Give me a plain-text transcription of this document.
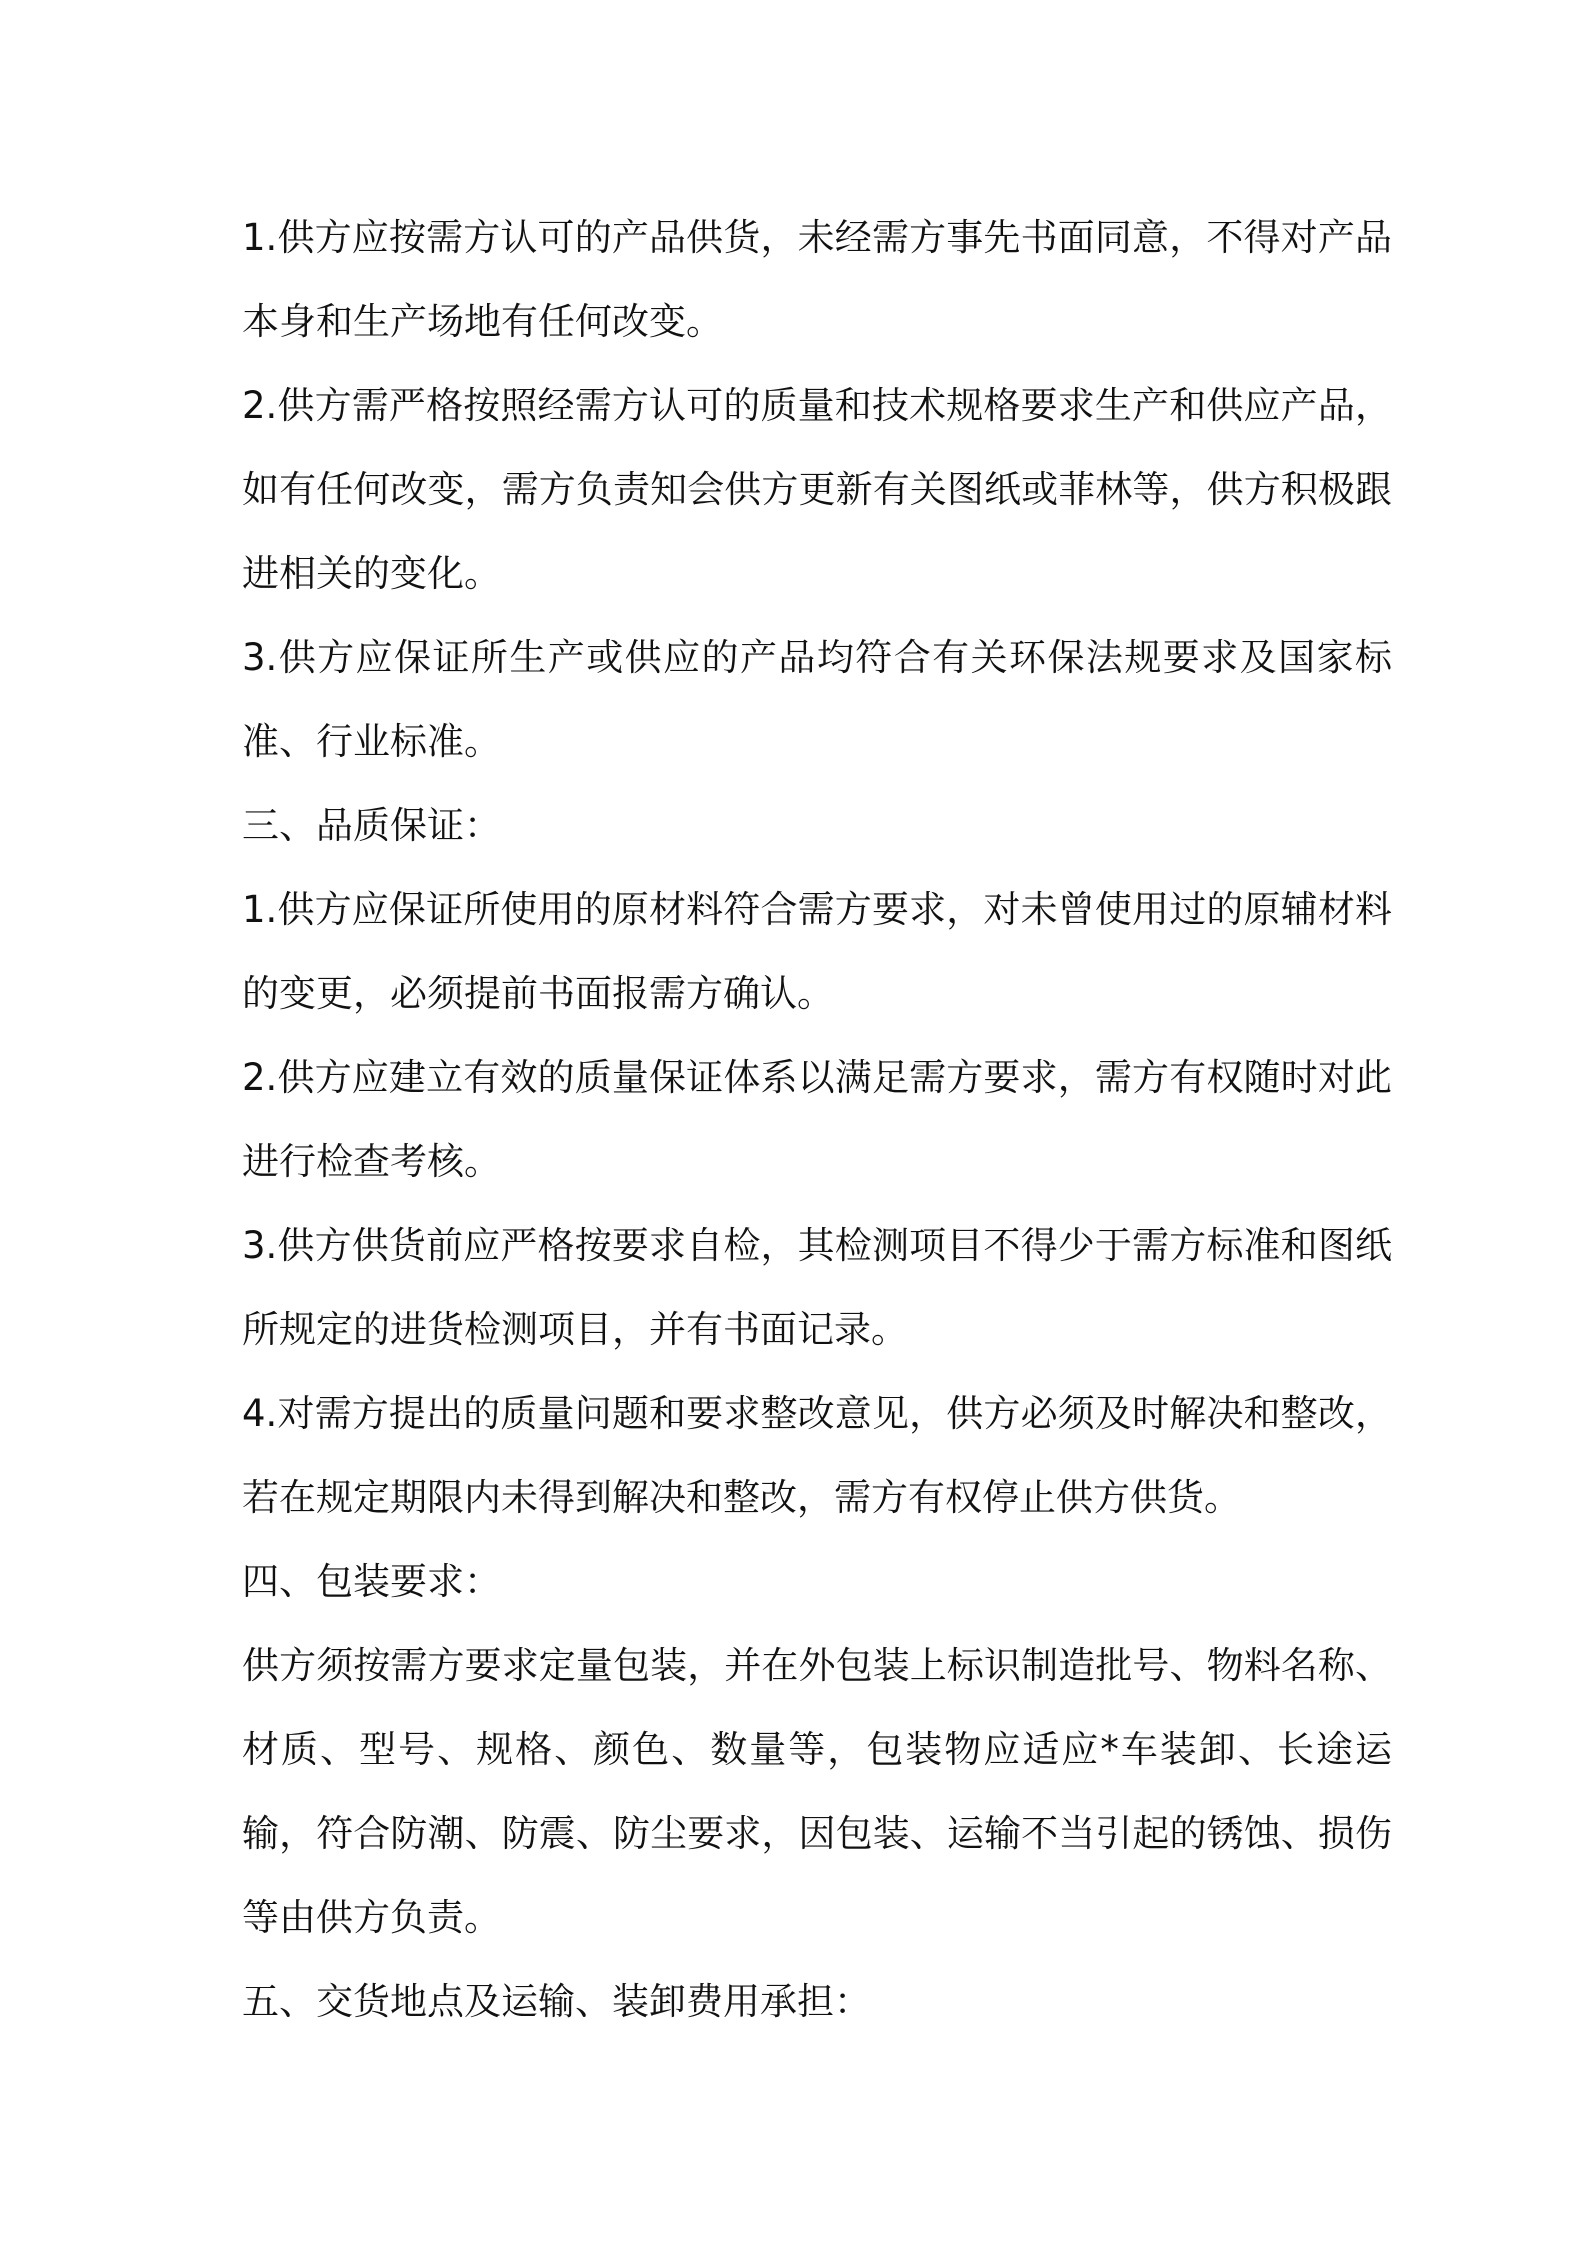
1.供方应按需方认可的产品供货，未经需方事先书面同意，不得对产品本身和生产场地有任何改变。

2.供方需严格按照经需方认可的质量和技术规格要求生产和供应产品，如有任何改变，需方负责知会供方更新有关图纸或菲林等，供方积极跟进相关的变化。

3.供方应保证所生产或供应的产品均符合有关环保法规要求及国家标准、行业标准。

三、品质保证：

1.供方应保证所使用的原材料符合需方要求，对未曾使用过的原辅材料的变更，必须提前书面报需方确认。

2.供方应建立有效的质量保证体系以满足需方要求，需方有权随时对此进行检查考核。

3.供方供货前应严格按要求自检，其检测项目不得少于需方标准和图纸所规定的进货检测项目，并有书面记录。

4.对需方提出的质量问题和要求整改意见，供方必须及时解决和整改，若在规定期限内未得到解决和整改，需方有权停止供方供货。

四、包装要求：

供方须按需方要求定量包装，并在外包装上标识制造批号、物料名称、材质、型号、规格、颜色、数量等，包装物应适应*车装卸、长途运输，符合防潮、防震、防尘要求，因包装、运输不当引起的锈蚀、损伤等由供方负责。

五、交货地点及运输、装卸费用承担：
